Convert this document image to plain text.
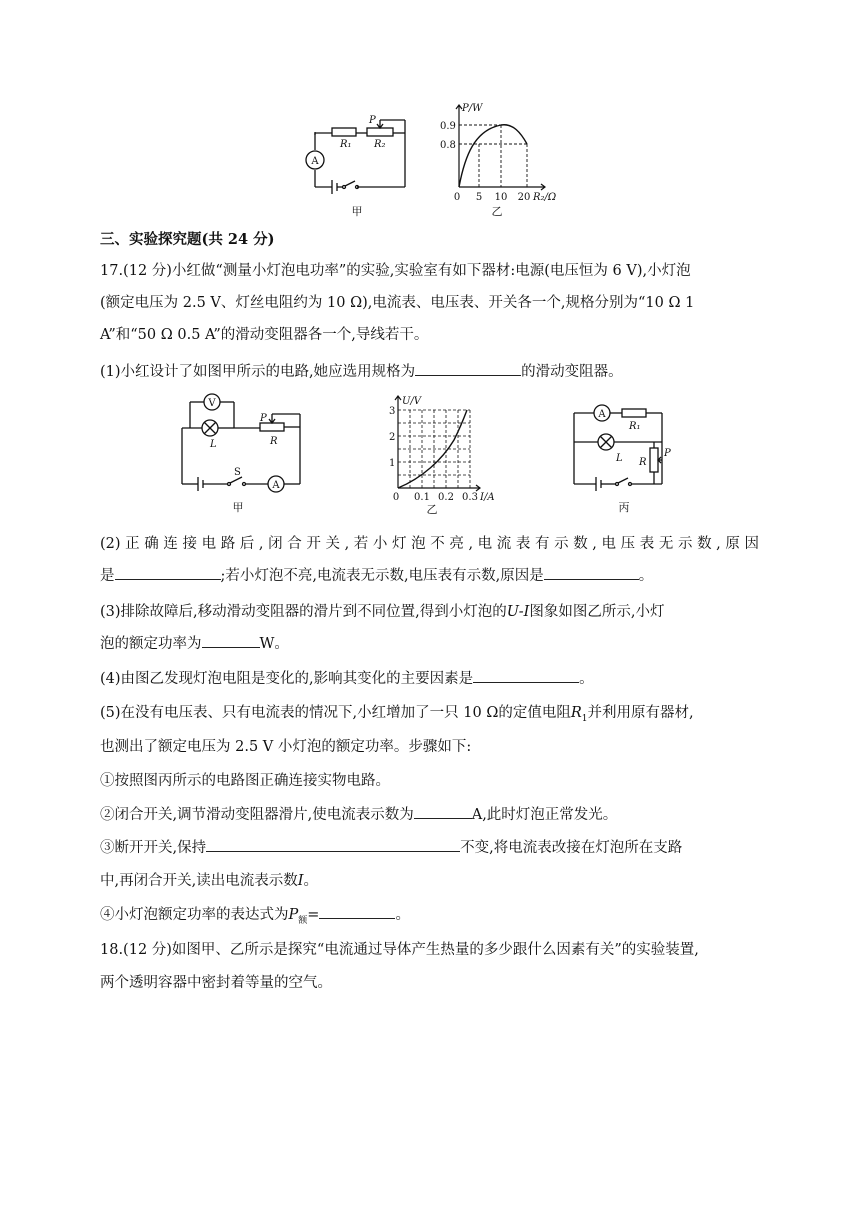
A
R₁ R₂
P
甲
P/W
0.9
0.8
0 5 10 20 R₂/Ω
乙
三、实验探究题(共 24 分)
17.(12 分)小红做“测量小灯泡电功率”的实验,实验室有如下器材:电源(电压恒为 6 V),小灯泡
(额定电压为 2.5 V、灯丝电阻约为 10 Ω),电流表、电压表、开关各一个,规格分别为“10 Ω 1
A”和“50 Ω 0.5 A”的滑动变阻器各一个,导线若干。
(1)小红设计了如图甲所示的电路,她应选用规格为	的滑动变阻器。
V
L
P
R
S
A
甲
U/V
3
2
1
0 0.1 0.2 0.3 I/A
乙
A
R₁
L R
P
丙
(2) 正 确 连 接 电 路 后 , 闭 合 开 关 , 若 小 灯 泡 不 亮 , 电 流 表 有 示 数 , 电 压 表 无 示 数 , 原 因
是	;若小灯泡不亮,电流表无示数,电压表有示数,原因是	。
(3)排除故障后,移动滑动变阻器的滑片到不同位置,得到小灯泡的U-I图象如图乙所示,小灯
泡的额定功率为	W。
(4)由图乙发现灯泡电阻是变化的,影响其变化的主要因素是	。
(5)在没有电压表、只有电流表的情况下,小红增加了一只 10 Ω的定值电阻$R_1$并利用原有器材,
也测出了额定电压为 2.5 V 小灯泡的额定功率。步骤如下:
①按照图丙所示的电路图正确连接实物电路。
②闭合开关,调节滑动变阻器滑片,使电流表示数为	A,此时灯泡正常发光。
③断开开关,保持	不变,将电流表改接在灯泡所在支路
中,再闭合开关,读出电流表示数I。
④小灯泡额定功率的表达式为$P_额=$	。
18.(12 分)如图甲、乙所示是探究“电流通过导体产生热量的多少跟什么因素有关”的实验装置,
两个透明容器中密封着等量的空气。
